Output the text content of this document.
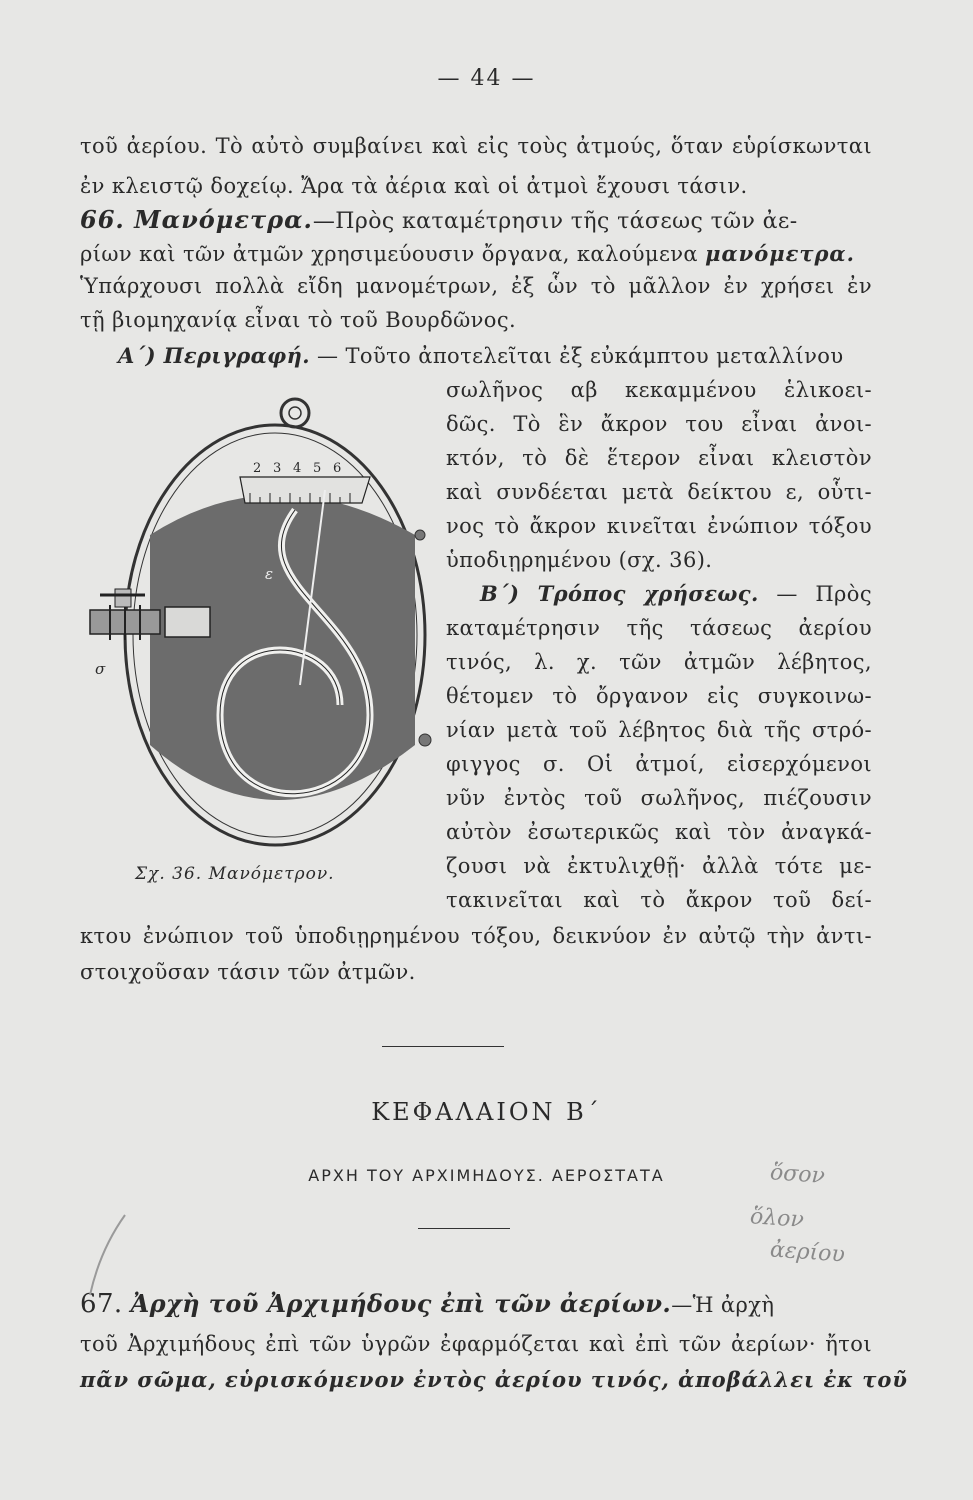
— 44 —
τοῦ ἀερίου. Τὸ αὐτὸ συμβαίνει καὶ εἰς τοὺς ἀτμούς, ὅταν εὑρίσκωνται
ἐν κλειστῷ δοχείῳ. Ἄρα τὰ ἀέρια καὶ οἱ ἀτμοὶ ἔχουσι τάσιν.
66. Μανόμετρα.—Πρὸς καταμέτρησιν τῆς τάσεως τῶν ἀε-
ρίων καὶ τῶν ἀτμῶν χρησιμεύουσιν ὄργανα, καλούμενα μανόμετρα.
Ὑπάρχουσι πολλὰ εἴδη μανομέτρων, ἐξ ὧν τὸ μᾶλλον ἐν χρήσει ἐν
τῇ βιομηχανίᾳ εἶναι τὸ τοῦ Βουρδῶνος.
Α΄) Περιγραφή. — Τοῦτο ἀποτελεῖται ἐξ εὐκάμπτου μεταλλίνου
σωλῆνος αβ κεκαμμένου ἑλικοει-
δῶς. Τὸ ἓν ἄκρον του εἶναι ἀνοι-
κτόν, τὸ δὲ ἕτερον εἶναι κλειστὸν
καὶ συνδέεται μετὰ δείκτου ε, οὗτι-
νος τὸ ἄκρον κινεῖται ἐνώπιον τόξου
ὑποδιῃρημένου (σχ. 36).
Β΄) Τρόπος χρήσεως. — Πρὸς
καταμέτρησιν τῆς τάσεως ἀερίου
τινός, λ. χ. τῶν ἀτμῶν λέβητος,
θέτομεν τὸ ὄργανον εἰς συγκοινω-
νίαν μετὰ τοῦ λέβητος διὰ τῆς στρό-
φιγγος σ. Οἱ ἀτμοί, εἰσερχόμενοι
νῦν ἐντὸς τοῦ σωλῆνος, πιέζουσιν
αὐτὸν ἐσωτερικῶς καὶ τὸν ἀναγκά-
ζουσι νὰ ἐκτυλιχθῇ· ἀλλὰ τότε με-
τακινεῖται καὶ τὸ ἄκρον τοῦ δεί-
κτου ἐνώπιον τοῦ ὑποδιῃρημένου τόξου, δεικνύον ἐν αὐτῷ τὴν ἀντι-
στοιχοῦσαν τάσιν τῶν ἀτμῶν.
2 3 4 5 6
ε
σ
Σχ. 36. Μανόμετρον.
ΚΕΦΑΛΑΙΟΝ Β΄
ΑΡΧΗ ΤΟΥ ΑΡΧΙΜΗΔΟΥΣ. ΑΕΡΟΣΤΑΤΑ
67. Ἀρχὴ τοῦ Ἀρχιμήδους ἐπὶ τῶν ἀερίων.—Ἡ ἀρχὴ
τοῦ Ἀρχιμήδους ἐπὶ τῶν ὑγρῶν ἐφαρμόζεται καὶ ἐπὶ τῶν ἀερίων· ἤτοι
πᾶν σῶμα, εὑρισκόμενον ἐντὸς ἀερίου τινός, ἀποβάλλει ἐκ τοῦ
ὅσον
ὅλον
ἀερίου
